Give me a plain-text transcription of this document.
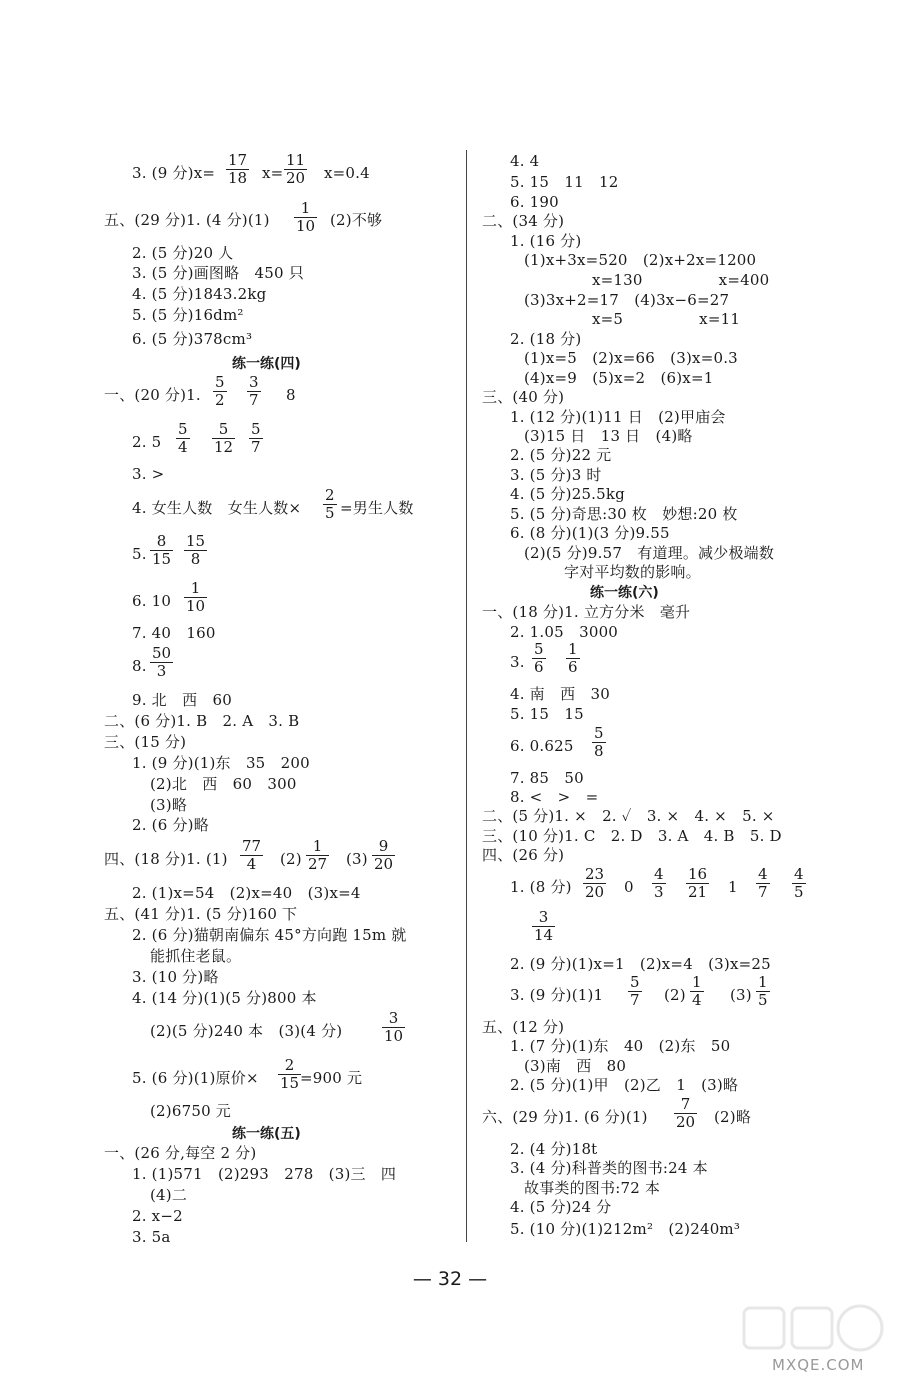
3. (9 分)$x= \frac{17}{18} x= \frac{11}{20} x=0.4$
五、(29 分)1. (4 分)$(1) \frac{1}{10} (2)$不够
2. (5 分)20 人
3. (5 分)画图略　450 只
4. (5 分)1843.2kg
5. (5 分)16dm²
6. (5 分)378cm³
练一练(四)
一、(20 分)1. $\frac{5}{2} \frac{3}{7} 8$
2. $5 \frac{5}{4} \frac{5}{12} \frac{5}{7}$
3. >
4. 女生人数　女生人数× $\frac{2}{5}$ =男生人数
5. $\frac{8}{15} \frac{15}{8}$
6. $10 \frac{1}{10}$
7. 40　160
8. $\frac{50}{3}$
9. 北　西　60
二、(6 分)1. B　2. A　3. B
三、(15 分)
1. (9 分)(1)东　35　200
(2)北　西　60　300
(3)略
2. (6 分)略
四、(18 分)1. $(1) \frac{77}{4} (2) \frac{1}{27} (3) \frac{9}{20}$
2. (1)x=54　(2)x=40　(3)x=4
五、(41 分)1. (5 分)160 下
2. (6 分)猫朝南偏东 45°方向跑 15m 就
能抓住老鼠。
3. (10 分)略
4. (14 分)(1)(5 分)800 本
(2)(5 分)240 本　(3)(4 分)	$\frac{3}{10}$
5. (6 分)(1)原价× $\frac{2}{15}$
=900 元
(2)6750 元
练一练(五)
一、(26 分,每空 2 分)
1. (1)571　(2)293　278　(3)三　四
(4)二
2. x−2
3. 5a
4. 4
5. 15　11　12
6. 190
二、(34 分)
1. (16 分)
(1)x+3x=520　(2)x+2x=1200
x=130　　　　　x=400
(3)3x+2=17　(4)3x−6=27
x=5　　　　　x=11
2. (18 分)
(1)x=5　(2)x=66　(3)x=0.3
(4)x=9　(5)x=2　(6)x=1
三、(40 分)
1. (12 分)(1)11 日　(2)甲庙会
(3)15 日　13 日　(4)略
2. (5 分)22 元
3. (5 分)3 时
4. (5 分)25.5kg
5. (5 分)奇思:30 枚　妙想:20 枚
6. (8 分)(1)(3 分)9.55
(2)(5 分)9.57　有道理。减少极端数
字对平均数的影响。
练一练(六)
一、(18 分)1. 立方分米　毫升
2. 1.05　3000
3. $\frac{5}{6} \frac{1}{6}$
4. 南　西　30
5. 15　15
6. $0.625 \frac{5}{8}$
7. 85　50
8. <　>　=
二、(5 分)1. ×　2. ✓　3. ×　4. ×　5. ×
三、(10 分)1. C　2. D　3. A　4. B　5. D
四、(26 分)
1. (8 分) $\frac{23}{20} 0 \frac{4}{3} \frac{16}{21} 1 \frac{4}{7} \frac{4}{5}$
$\frac{3}{14}$
2. (9 分)(1)x=1　(2)x=4　(3)x=25
3. (9 分)$(1)1 \frac{5}{7} (2) \frac{1}{4} (3) \frac{1}{5}$
五、(12 分)
1. (7 分)(1)东　40　(2)东　50
(3)南　西　80
2. (5 分)(1)甲　(2)乙　1　(3)略
六、(29 分)1. (6 分)$(1) \frac{7}{20} (2)$略
2. (4 分)18t
3. (4 分)科普类的图书:24 本
故事类的图书:72 本
4. (5 分)24 分
5. (10 分)(1)212m²　(2)240m³
— 32 —
MXQE.COM
